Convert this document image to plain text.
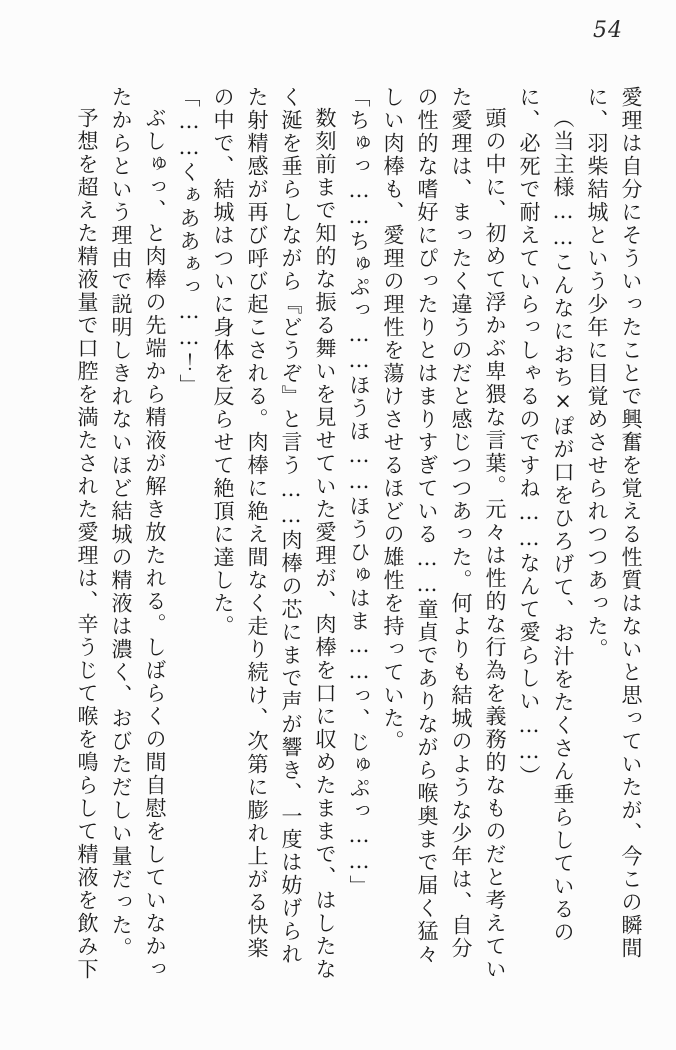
54

愛理は自分にそういったことで興奮を覚える性質はないと思っていたが、今この瞬間に、羽柴結城という少年に目覚めさせられつつあった。

（当主様……こんなにおち×ぽが口をひろげて、お汁をたくさん垂らしているのに、必死で耐えていらっしゃるのですね……なんて愛らしい……）

頭の中に、初めて浮かぶ卑猥な言葉。元々は性的な行為を義務的なものだと考えていた愛理は、まったく違うのだと感じつつあった。何よりも結城のような少年は、自分の性的な嗜好にぴったりとはまりすぎている……童貞でありながら喉奥まで届く猛々しい肉棒も、愛理の理性を蕩けさせるほどの雄性を持っていた。

「ちゅっ……ちゅぷっ……ほうほ……ほうひゅはま……っ、じゅぷっ……」

数刻前まで知的な振る舞いを見せていた愛理が、肉棒を口に収めたままで、はしたなく涎を垂らしながら『どうぞ』と言う……肉棒の芯にまで声が響き、一度は妨げられた射精感が再び呼び起こされる。肉棒に絶え間なく走り続け、次第に膨れ上がる快楽の中で、結城はついに身体を反らせて絶頂に達した。

「……くぁああぁっ……！」

ぶしゅっ、と肉棒の先端から精液が解き放たれる。しばらくの間自慰をしていなかったからという理由で説明しきれないほど結城の精液は濃く、おびただしい量だった。

予想を超えた精液量で口腔を満たされた愛理は、辛うじて喉を鳴らして精液を飲み下
